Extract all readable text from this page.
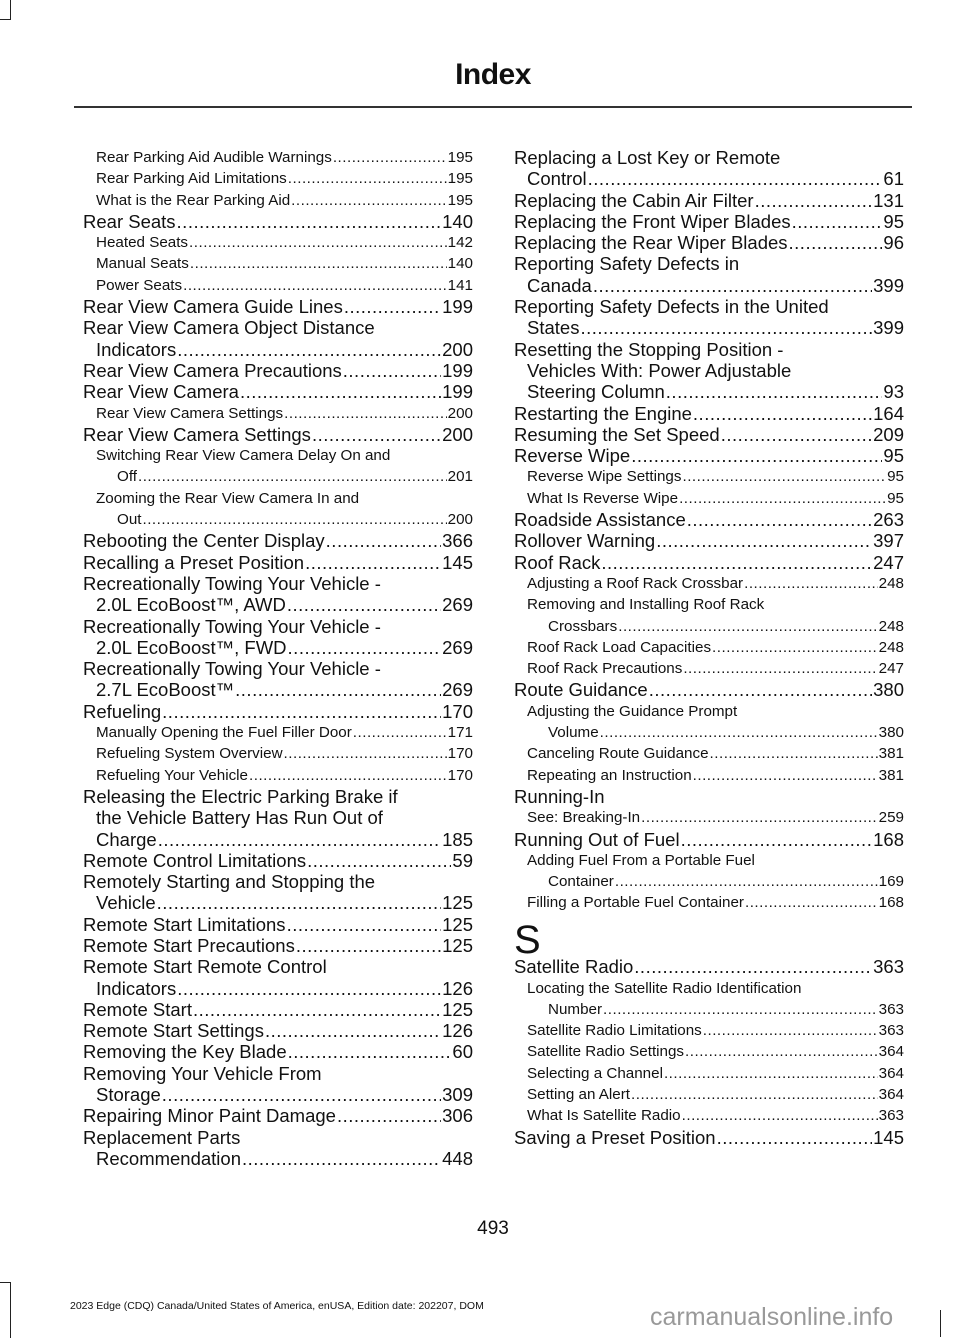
Index
Rear Parking Aid Audible Warnings .....	195
Rear Parking Aid Limitations .....	195
What is the Rear Parking Aid .....	195
Rear Seats .....	140
Heated Seats .....	142
Manual Seats .....	140
Power Seats .....	141
Rear View Camera Guide Lines .....	199
Rear View Camera Object Distance
Indicators .....	200
Rear View Camera Precautions .....	199
Rear View Camera .....	199
Rear View Camera Settings .....	200
Rear View Camera Settings .....	200
Switching Rear View Camera Delay On and
Off .....	201
Zooming the Rear View Camera In and
Out .....	200
Rebooting the Center Display .....	366
Recalling a Preset Position .....	145
Recreationally Towing Your Vehicle -
2.0L EcoBoost™, AWD .....	269
Recreationally Towing Your Vehicle -
2.0L EcoBoost™, FWD .....	269
Recreationally Towing Your Vehicle -
2.7L EcoBoost™ .....	269
Refueling .....	170
Manually Opening the Fuel Filler Door .....	171
Refueling System Overview .....	170
Refueling Your Vehicle .....	170
Releasing the Electric Parking Brake if
the Vehicle Battery Has Run Out of
Charge .....	185
Remote Control Limitations .....	59
Remotely Starting and Stopping the
Vehicle .....	125
Remote Start Limitations .....	125
Remote Start Precautions .....	125
Remote Start Remote Control
Indicators .....	126
Remote Start .....	125
Remote Start Settings .....	126
Removing the Key Blade .....	60
Removing Your Vehicle From
Storage .....	309
Repairing Minor Paint Damage .....	306
Replacement Parts
Recommendation .....	448
Replacing a Lost Key or Remote
Control .....	61
Replacing the Cabin Air Filter .....	131
Replacing the Front Wiper Blades .....	95
Replacing the Rear Wiper Blades .....	96
Reporting Safety Defects in
Canada .....	399
Reporting Safety Defects in the United
States .....	399
Resetting the Stopping Position -
Vehicles With: Power Adjustable
Steering Column .....	93
Restarting the Engine .....	164
Resuming the Set Speed .....	209
Reverse Wipe .....	95
Reverse Wipe Settings .....	95
What Is Reverse Wipe .....	95
Roadside Assistance .....	263
Rollover Warning .....	397
Roof Rack .....	247
Adjusting a Roof Rack Crossbar .....	248
Removing and Installing Roof Rack
Crossbars .....	248
Roof Rack Load Capacities .....	248
Roof Rack Precautions .....	247
Route Guidance .....	380
Adjusting the Guidance Prompt
Volume .....	380
Canceling Route Guidance .....	381
Repeating an Instruction .....	381
Running-In
See: Breaking-In .....	259
Running Out of Fuel .....	168
Adding Fuel From a Portable Fuel
Container .....	169
Filling a Portable Fuel Container .....	168
S
Satellite Radio .....	363
Locating the Satellite Radio Identification
Number .....	363
Satellite Radio Limitations .....	363
Satellite Radio Settings .....	364
Selecting a Channel .....	364
Setting an Alert .....	364
What Is Satellite Radio .....	363
Saving a Preset Position .....	145
493
2023 Edge (CDQ) Canada/United States of America, enUSA, Edition date: 202207, DOM	carmanualsonline.info
